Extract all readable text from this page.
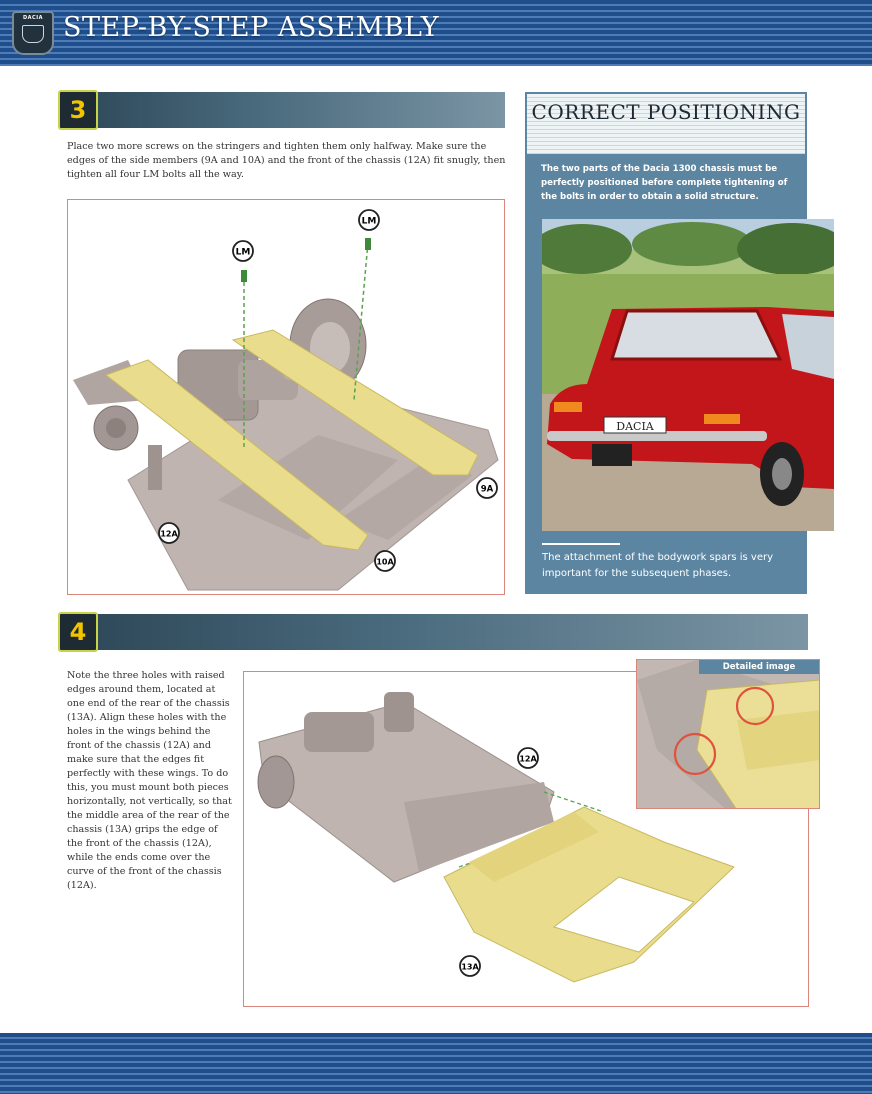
DACIA STEP-BY-STEP ASSEMBLY
3
Place two more screws on the stringers and tighten them only halfway. Make sure the edges of the side members (9A and 10A) and the front of the chassis (12A) fit snugly, then tighten all four LM bolts all the way.
LM
LM
9A
10A
12A
CORRECT POSITIONING
The two parts of the Dacia 1300 chassis must be perfectly positioned before complete tightening of the bolts in order to obtain a solid structure.
DACIA
The attachment of the bodywork spars is very important for the subsequent phases.
4
Note the three holes with raised edges around them, located at one end of the rear of the chassis (13A). Align these holes with the holes in the wings behind the front of the chassis (12A) and make sure that the edges fit perfectly with these wings. To do this, you must mount both pieces horizontally, not vertically, so that the middle area of the rear of the chassis (13A) grips the edge of the front of the chassis (12A), while the ends come over the curve of the front of the chassis (12A).
12A
13A
Detailed image
